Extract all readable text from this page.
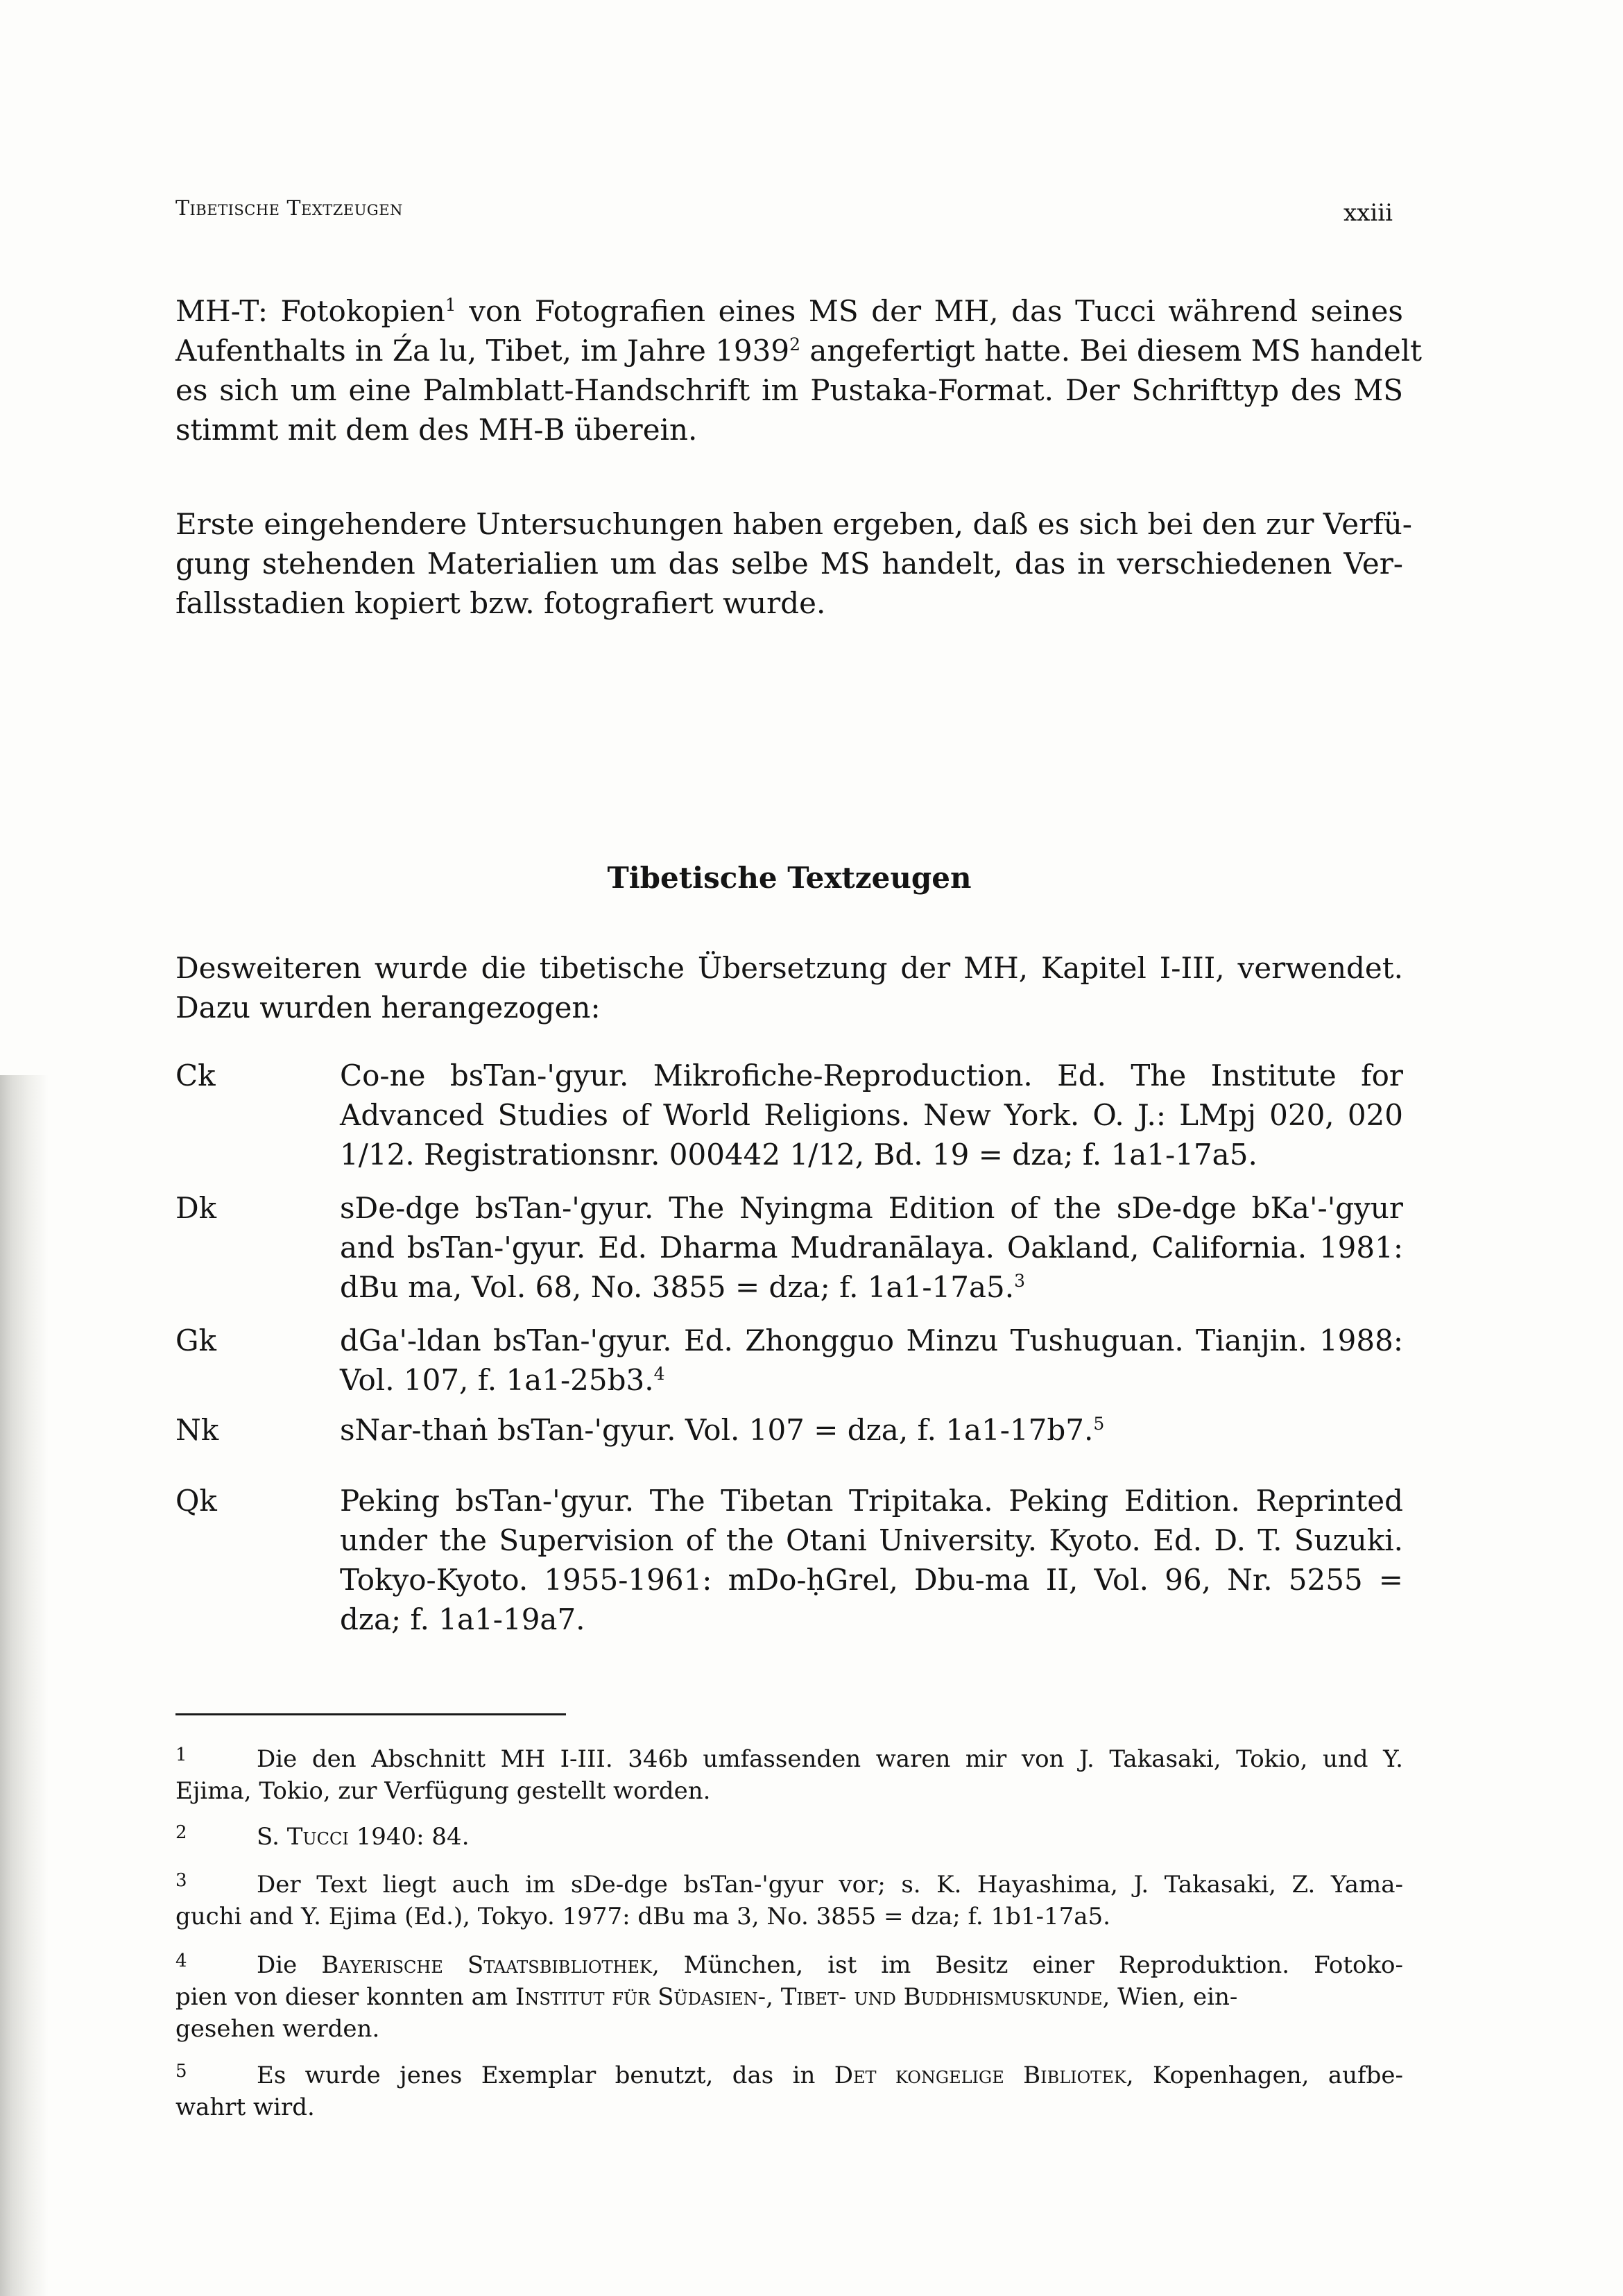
Tibetische Textzeugen	xxiii
MH-T: Fotokopien$^1$ von Fotografien eines MS der MH, das Tucci während seines
Aufenthalts in Źa lu, Tibet, im Jahre 1939$^2$ angefertigt hatte. Bei diesem MS handelt
es sich um eine Palmblatt-Handschrift im Pustaka-Format. Der Schrifttyp des MS
stimmt mit dem des MH-B überein.
Erste eingehendere Untersuchungen haben ergeben, daß es sich bei den zur Verfü-
gung stehenden Materialien um das selbe MS handelt, das in verschiedenen Ver-
fallsstadien kopiert bzw. fotografiert wurde.
Tibetische Textzeugen
Desweiteren wurde die tibetische Übersetzung der MH, Kapitel I-III, verwendet.
Dazu wurden herangezogen:
Ck	Co-ne bsTan-'gyur. Mikrofiche-Reproduction. Ed. The Institute for
Advanced Studies of World Religions. New York. O. J.: LMpj 020, 020
1/12. Registrationsnr. 000442 1/12, Bd. 19 = dza; f. 1a1-17a5.
Dk	sDe-dge bsTan-'gyur. The Nyingma Edition of the sDe-dge bKa'-'gyur
and bsTan-'gyur. Ed. Dharma Mudranālaya. Oakland, California. 1981:
dBu ma, Vol. 68, No. 3855 = dza; f. 1a1-17a5.$^3$
Gk	dGa'-ldan bsTan-'gyur. Ed. Zhongguo Minzu Tushuguan. Tianjin. 1988:
Vol. 107, f. 1a1-25b3.$^4$
Nk	sNar-thaṅ bsTan-'gyur. Vol. 107 = dza, f. 1a1-17b7.$^5$
Qk	Peking bsTan-'gyur. The Tibetan Tripitaka. Peking Edition. Reprinted
under the Supervision of the Otani University. Kyoto. Ed. D. T. Suzuki.
Tokyo-Kyoto. 1955-1961: mDo-ḥGrel, Dbu-ma II, Vol. 96, Nr. 5255 =
dza; f. 1a1-19a7.
1	Die den Abschnitt MH I-III. 346b umfassenden waren mir von J. Takasaki, Tokio, und Y.
Ejima, Tokio, zur Verfügung gestellt worden.
2	S. Tucci 1940: 84.
3	Der Text liegt auch im sDe-dge bsTan-'gyur vor; s. K. Hayashima, J. Takasaki, Z. Yama-
guchi and Y. Ejima (Ed.), Tokyo. 1977: dBu ma 3, No. 3855 = dza; f. 1b1-17a5.
4	Die Bayerische Staatsbibliothek, München, ist im Besitz einer Reproduktion. Fotoko-
pien von dieser konnten am Institut für Südasien-, Tibet- und Buddhismuskunde, Wien, ein-
gesehen werden.
5	Es wurde jenes Exemplar benutzt, das in Det kongelige Bibliotek, Kopenhagen, aufbe-
wahrt wird.
